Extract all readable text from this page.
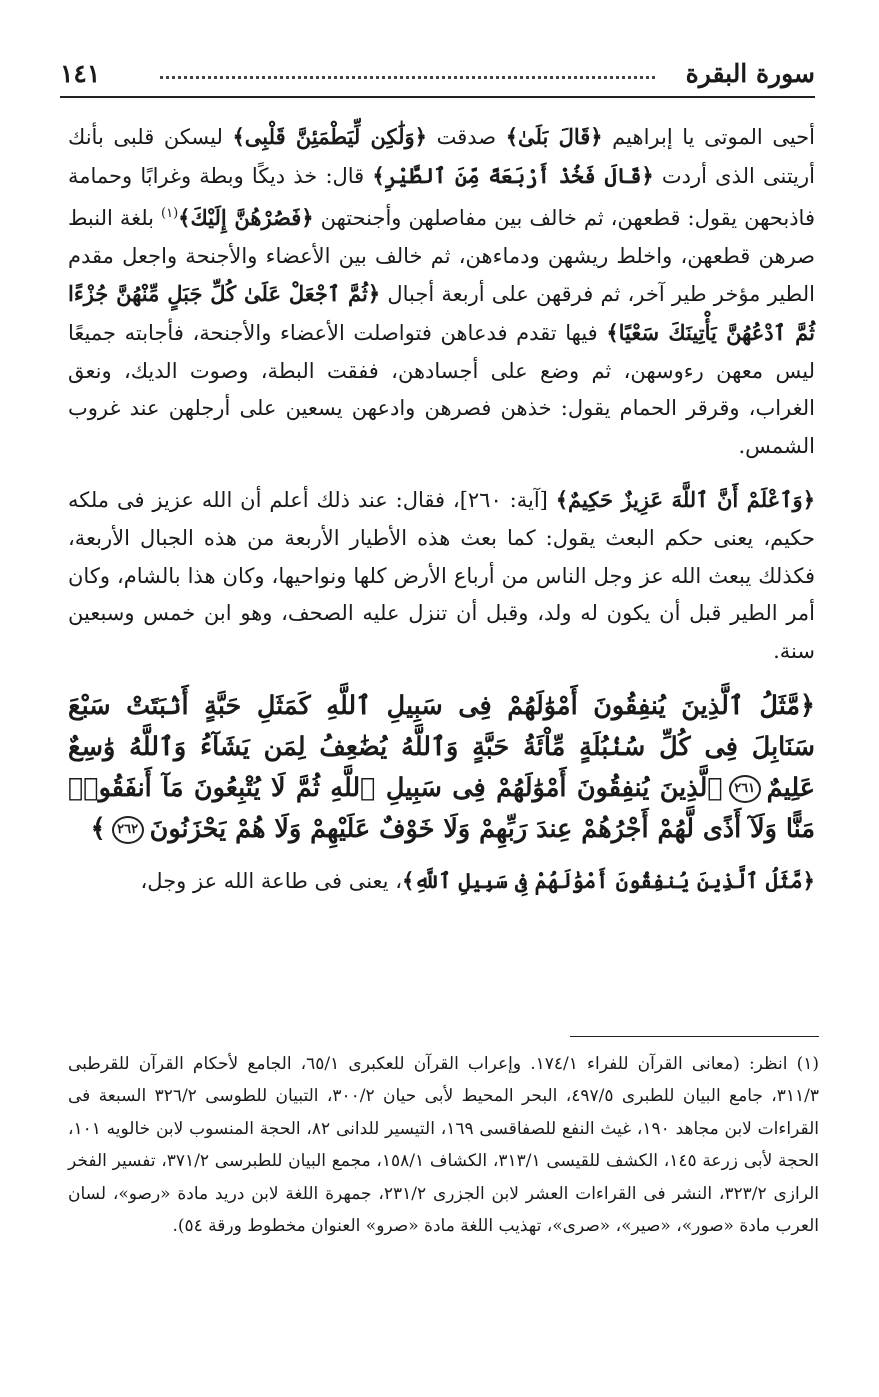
سورة البقرة
١٤١

أحيى الموتى يا إبراهيم ﴿قَالَ بَلَىٰ﴾ صدقت ﴿وَلَٰكِن لِّيَطْمَئِنَّ قَلْبِى﴾ ليسكن قلبى بأنك أريتنى الذى أردت ﴿قَالَ فَخُذْ أَرْبَعَةً مِّنَ ٱلطَّيْرِ﴾ قال: خذ ديكًا وبطة وغرابًا وحمامة فاذبحهن يقول: قطعهن، ثم خالف بين مفاصلهن وأجنحتهن ﴿فَصُرْهُنَّ إِلَيْكَ﴾$^{(١)}$ بلغة النبط صرهن قطعهن، واخلط ريشهن ودماءهن، ثم خالف بين الأعضاء والأجنحة واجعل مقدم الطير مؤخر طير آخر، ثم فرقهن على أربعة أجبال ﴿ثُمَّ ٱجْعَلْ عَلَىٰ كُلِّ جَبَلٍ مِّنْهُنَّ جُزْءًا ثُمَّ ٱدْعُهُنَّ يَأْتِينَكَ سَعْيًا﴾ فيها تقدم فدعاهن فتواصلت الأعضاء والأجنحة، فأجابته جميعًا ليس معهن رءوسهن، ثم وضع على أجسادهن، ففقت البطة، وصوت الديك، ونعق الغراب، وقرقر الحمام يقول: خذهن فصرهن وادعهن يسعين على أرجلهن عند غروب الشمس.

﴿وَٱعْلَمْ أَنَّ ٱللَّهَ عَزِيزٌ حَكِيمٌ﴾ [آية: ٢٦٠]، فقال: عند ذلك أعلم أن الله عزيز فى ملكه حكيم، يعنى حكم البعث يقول: كما بعث هذه الأطيار الأربعة من هذه الجبال الأربعة، فكذلك يبعث الله عز وجل الناس من أرباع الأرض كلها ونواحيها، وكان هذا بالشام، وكان أمر الطير قبل أن يكون له ولد، وقبل أن تنزل عليه الصحف، وهو ابن خمس وسبعين سنة.

﴿مَّثَلُ ٱلَّذِينَ يُنفِقُونَ أَمْوَٰلَهُمْ فِى سَبِيلِ ٱللَّهِ كَمَثَلِ حَبَّةٍ أَنۢبَتَتْ سَبْعَ سَنَابِلَ فِى كُلِّ سُنۢبُلَةٍ مِّاْئَةُ حَبَّةٍ وَٱللَّهُ يُضَٰعِفُ لِمَن يَشَآءُ وَٱللَّهُ وَٰسِعٌ عَلِيمٌ٢٦١ٱلَّذِينَ يُنفِقُونَ أَمْوَٰلَهُمْ فِى سَبِيلِ ٱللَّهِ ثُمَّ لَا يُتْبِعُونَ مَآ أَنفَقُوا۟ مَنًّا وَلَآ أَذًى لَّهُمْ أَجْرُهُمْ عِندَ رَبِّهِمْ وَلَا خَوْفٌ عَلَيْهِمْ وَلَا هُمْ يَحْزَنُونَ٢٦٢﴾

﴿مَّثَلُ ٱلَّذِينَ يُنفِقُونَ أَمْوَٰلَهُمْ فِى سَبِيلِ ٱللَّهِ﴾، يعنى فى طاعة الله عز وجل،

(١) انظر: (معانى القرآن للفراء ١٧٤/١. وإعراب القرآن للعكبرى ٦٥/١، الجامع لأحكام القرآن للقرطبى ٣١١/٣، جامع البيان للطبرى ٤٩٧/٥، البحر المحيط لأبى حيان ٣٠٠/٢، التبيان للطوسى ٣٢٦/٢ السبعة فى القراءات لابن مجاهد ١٩٠، غيث النفع للصفاقسى ١٦٩، التيسير للدانى ٨٢، الحجة المنسوب لابن خالويه ١٠١، الحجة لأبى زرعة ١٤٥، الكشف للقيسى ٣١٣/١، الكشاف ١٥٨/١، مجمع البيان للطبرسى ٣٧١/٢، تفسير الفخر الرازى ٣٢٣/٢، النشر فى القراءات العشر لابن الجزرى ٢٣١/٢، جمهرة اللغة لابن دريد مادة «رصو»، لسان العرب مادة «صور»، «صير»، «صرى»، تهذيب اللغة مادة «صرو» العنوان مخطوط ورقة ٥٤).
